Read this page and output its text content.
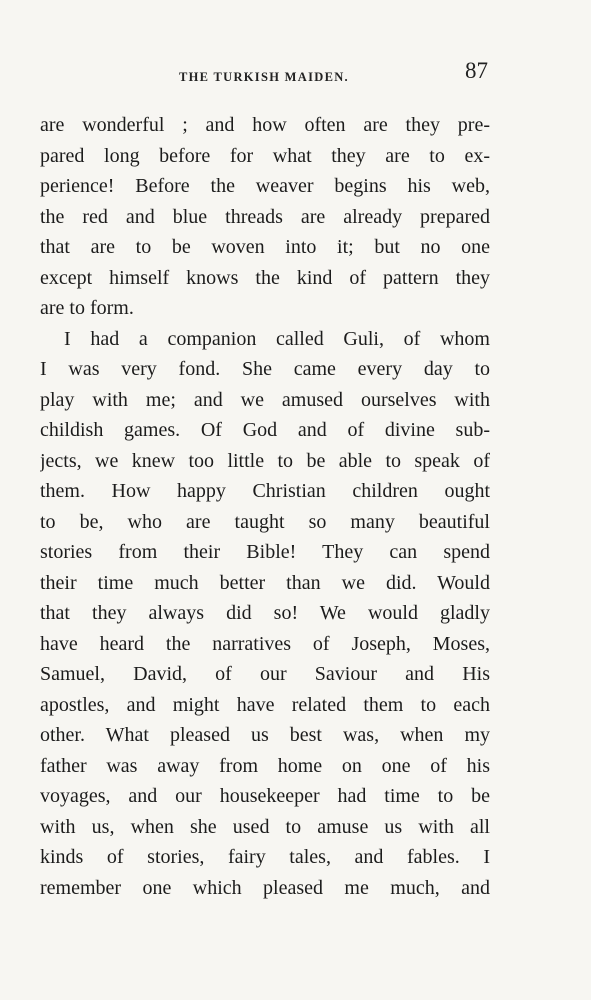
THE TURKISH MAIDEN.	87
are wonderful ; and how often are they pre-
pared long before for what they are to ex-
perience! Before the weaver begins his web,
the red and blue threads are already prepared
that are to be woven into it; but no one
except himself knows the kind of pattern they
are to form.
I had a companion called Guli, of whom
I was very fond. She came every day to
play with me; and we amused ourselves with
childish games. Of God and of divine sub-
jects, we knew too little to be able to speak of
them. How happy Christian children ought
to be, who are taught so many beautiful
stories from their Bible! They can spend
their time much better than we did. Would
that they always did so! We would gladly
have heard the narratives of Joseph, Moses,
Samuel, David, of our Saviour and His
apostles, and might have related them to each
other. What pleased us best was, when my
father was away from home on one of his
voyages, and our housekeeper had time to be
with us, when she used to amuse us with all
kinds of stories, fairy tales, and fables. I
remember one which pleased me much, and
